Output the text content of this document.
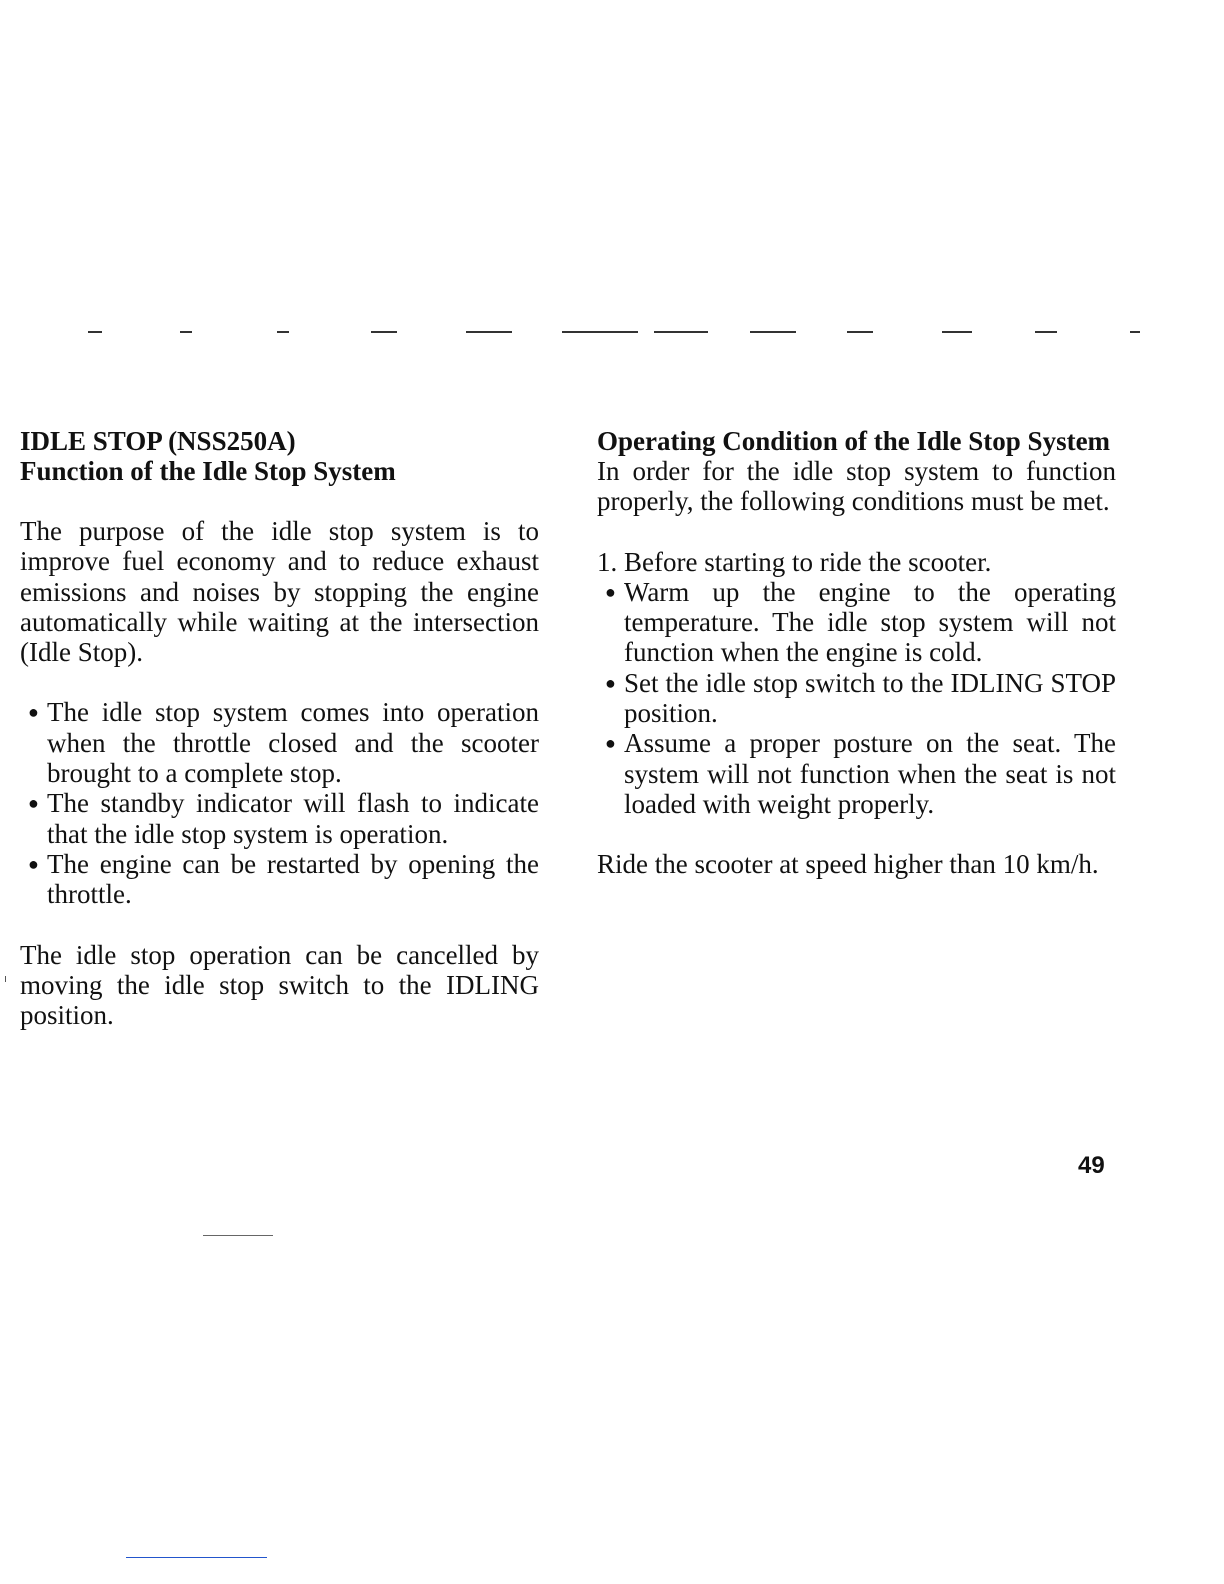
IDLE STOP (NSS250A)
Function of the Idle Stop System

The purpose of the idle stop system is to improve fuel economy and to reduce exhaust emissions and noises by stopping the engine automatically while waiting at the intersection (Idle Stop).

● The idle stop system comes into operation when the throttle closed and the scooter brought to a complete stop.
● The standby indicator will flash to indicate that the idle stop system is operation.
● The engine can be restarted by opening the throttle.

The idle stop operation can be cancelled by moving the idle stop switch to the IDLING position.

Operating Condition of the Idle Stop System

In order for the idle stop system to function properly, the following conditions must be met.

1. Before starting to ride the scooter.

● Warm up the engine to the operating temperature. The idle stop system will not function when the engine is cold.
● Set the idle stop switch to the IDLING STOP position.
● Assume a proper posture on the seat. The system will not function when the seat is not loaded with weight properly.

Ride the scooter at speed higher than 10 km/h.

49
